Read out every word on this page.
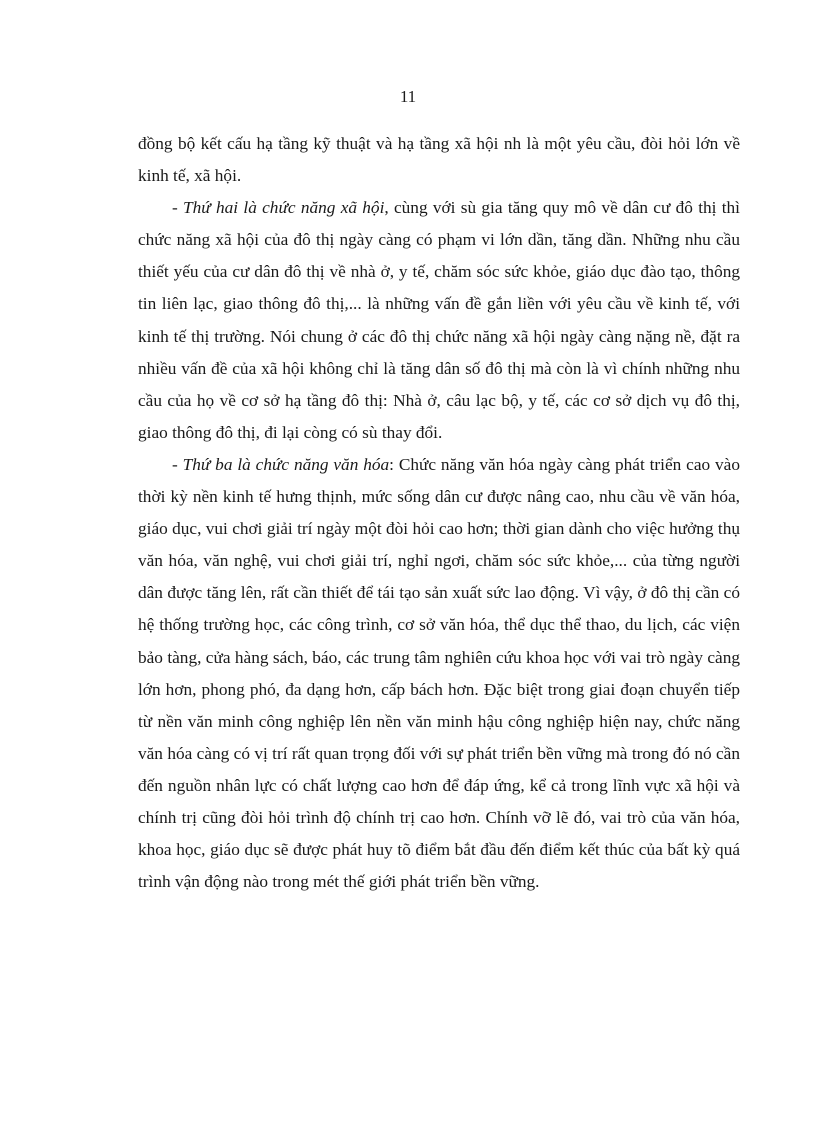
11

đồng bộ kết cấu hạ tầng kỹ thuật và hạ tầng xã hội nh là một yêu cầu, đòi hỏi lớn về kinh tế, xã hội.

- Thứ hai là chức năng xã hội, cùng với sù gia tăng quy mô về dân cư đô thị thì chức năng xã hội của đô thị ngày càng có phạm vi lớn dần, tăng dần. Những nhu cầu thiết yếu của cư dân đô thị về nhà ở, y tế, chăm sóc sức khỏe, giáo dục đào tạo, thông tin liên lạc, giao thông đô thị,... là những vấn đề gắn liền với yêu cầu về kinh tế, với kinh tế thị trường. Nói chung ở các đô thị chức năng xã hội ngày càng nặng nề, đặt ra nhiều vấn đề của xã hội không chỉ là tăng dân số đô thị mà còn là vì chính những nhu cầu của họ về cơ sở hạ tầng đô thị: Nhà ở, câu lạc bộ, y tế, các cơ sở dịch vụ đô thị, giao thông đô thị, đi lại còng có sù thay đổi.

- Thứ ba là chức năng văn hóa: Chức năng văn hóa ngày càng phát triển cao vào thời kỳ nền kinh tế hưng thịnh, mức sống dân cư được nâng cao, nhu cầu về văn hóa, giáo dục, vui chơi giải trí ngày một đòi hỏi cao hơn; thời gian dành cho việc hưởng thụ văn hóa, văn nghệ, vui chơi giải trí, nghỉ ngơi, chăm sóc sức khỏe,... của từng người dân được tăng lên, rất cần thiết để tái tạo sản xuất sức lao động. Vì vậy, ở đô thị cần có hệ thống trường học, các công trình, cơ sở văn hóa, thể dục thể thao, du lịch, các viện bảo tàng, cửa hàng sách, báo, các trung tâm nghiên cứu khoa học với vai trò ngày càng lớn hơn, phong phó, đa dạng hơn, cấp bách hơn. Đặc biệt trong giai đoạn chuyển tiếp từ nền văn minh công nghiệp lên nền văn minh hậu công nghiệp hiện nay, chức năng văn hóa càng có vị trí rất quan trọng đối với sự phát triển bền vững mà trong đó nó cần đến nguồn nhân lực có chất lượng cao hơn để đáp ứng, kể cả trong lĩnh vực xã hội và chính trị cũng đòi hỏi trình độ chính trị cao hơn. Chính vỡ lẽ đó, vai trò của văn hóa, khoa học, giáo dục sẽ được phát huy tõ điểm bắt đầu đến điểm kết thúc của bất kỳ quá trình vận động nào trong mét thế giới phát triển bền vững.
